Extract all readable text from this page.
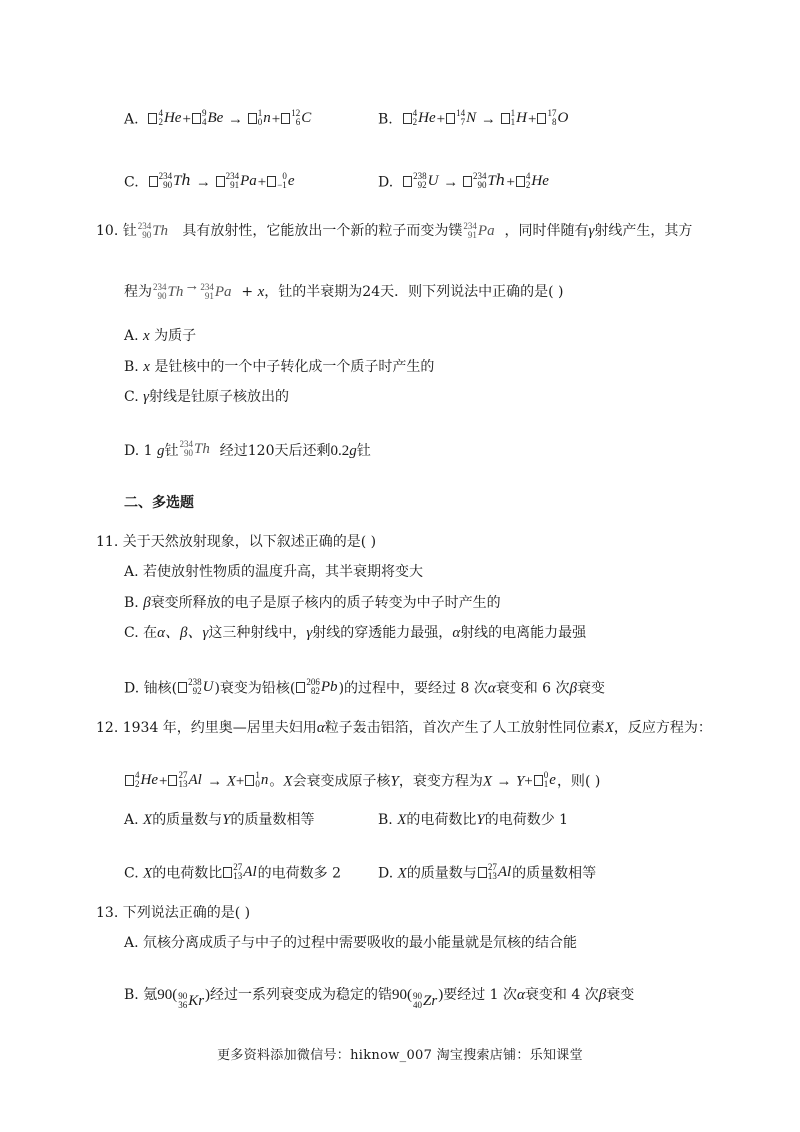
A. 4
2 He + 9
4 Be → 1
0 n + 12
6 C	B. 4
2 He + 14
7 N → 1
1 H + 17
8 O
C. 234
90 Tℎ → 234
91 Pa +	0
−1 e	D. 238
92 U → 234
90 Tℎ + 4
2 He
10. 钍 234
90 Th 具有放射性，它能放出一个新的粒子而变为镤 234
91 Pa ，同时伴随有γ射线产生，其方
程为 234
90 Th → 234
91 Pa + x，钍的半衰期为24天．则下列说法中正确的是( )
A. x 为质子
B. x 是钍核中的一个中子转化成一个质子时产生的
C. γ射线是钍原子核放出的
D. 1 g钍 234
90 Th 经过120天后还剩0.2g钍
二、多选题
11. 关于天然放射现象，以下叙述正确的是( )
A. 若使放射性物质的温度升高，其半衰期将变大
B. β衰变所释放的电子是原子核内的质子转变为中子时产生的
C. 在α、β、γ这三种射线中，γ射线的穿透能力最强，α射线的电离能力最强
D. 铀核( 238
92 U )衰变为铅核( 206
82 Pb )的过程中，要经过 8 次α衰变和 6 次β衰变
12. 1934 年，约里奥—居里夫妇用α粒子轰击铝箔，首次产生了人工放射性同位素X，反应方程为：
4
2 He + 27
13 Al → X+ 1
0 n 。X会衰变成原子核Y，衰变方程为X → Y+ 0
1 e ，则( )
A. X的质量数与Y的质量数相等	B. X的电荷数比Y的电荷数少 1
C. X的电荷数比 27
13 Al 的电荷数多 2	D. X的质量数与 27
13 Al 的质量数相等
13. 下列说法正确的是( )
A. 氘核分离成质子与中子的过程中需要吸收的最小能量就是氘核的结合能
B. 氪90( 90
36 Kr )经过一系列衰变成为稳定的锆90( 90
40 Zr )要经过 1 次α衰变和 4 次β衰变
更多资料添加微信号：hiknow_007 淘宝搜索店铺：乐知课堂
